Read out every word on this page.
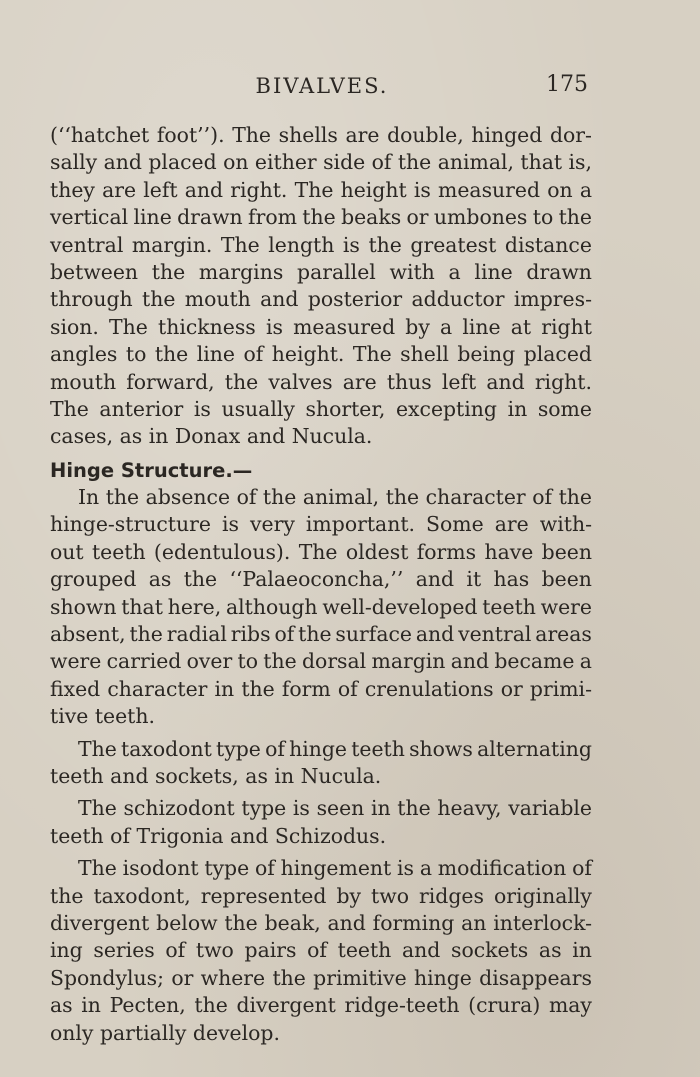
BIVALVES.	175
(‘‘hatchet foot’’). The shells are double, hinged dor-
sally and placed on either side of the animal, that is,
they are left and right. The height is measured on a
vertical line drawn from the beaks or umbones to the
ventral margin. The length is the greatest distance
between the margins parallel with a line drawn
through the mouth and posterior adductor impres-
sion. The thickness is measured by a line at right
angles to the line of height. The shell being placed
mouth forward, the valves are thus left and right.
The anterior is usually shorter, excepting in some
cases, as in Donax and Nucula.
Hinge Structure.—
In the absence of the animal, the character of the
hinge-structure is very important. Some are with-
out teeth (edentulous). The oldest forms have been
grouped as the ‘‘Palaeoconcha,’’ and it has been
shown that here, although well-developed teeth were
absent, the radial ribs of the surface and ventral areas
were carried over to the dorsal margin and became a
fixed character in the form of crenulations or primi-
tive teeth.
The taxodont type of hinge teeth shows alternating
teeth and sockets, as in Nucula.
The schizodont type is seen in the heavy, variable
teeth of Trigonia and Schizodus.
The isodont type of hingement is a modification of
the taxodont, represented by two ridges originally
divergent below the beak, and forming an interlock-
ing series of two pairs of teeth and sockets as in
Spondylus; or where the primitive hinge disappears
as in Pecten, the divergent ridge-teeth (crura) may
only partially develop.
